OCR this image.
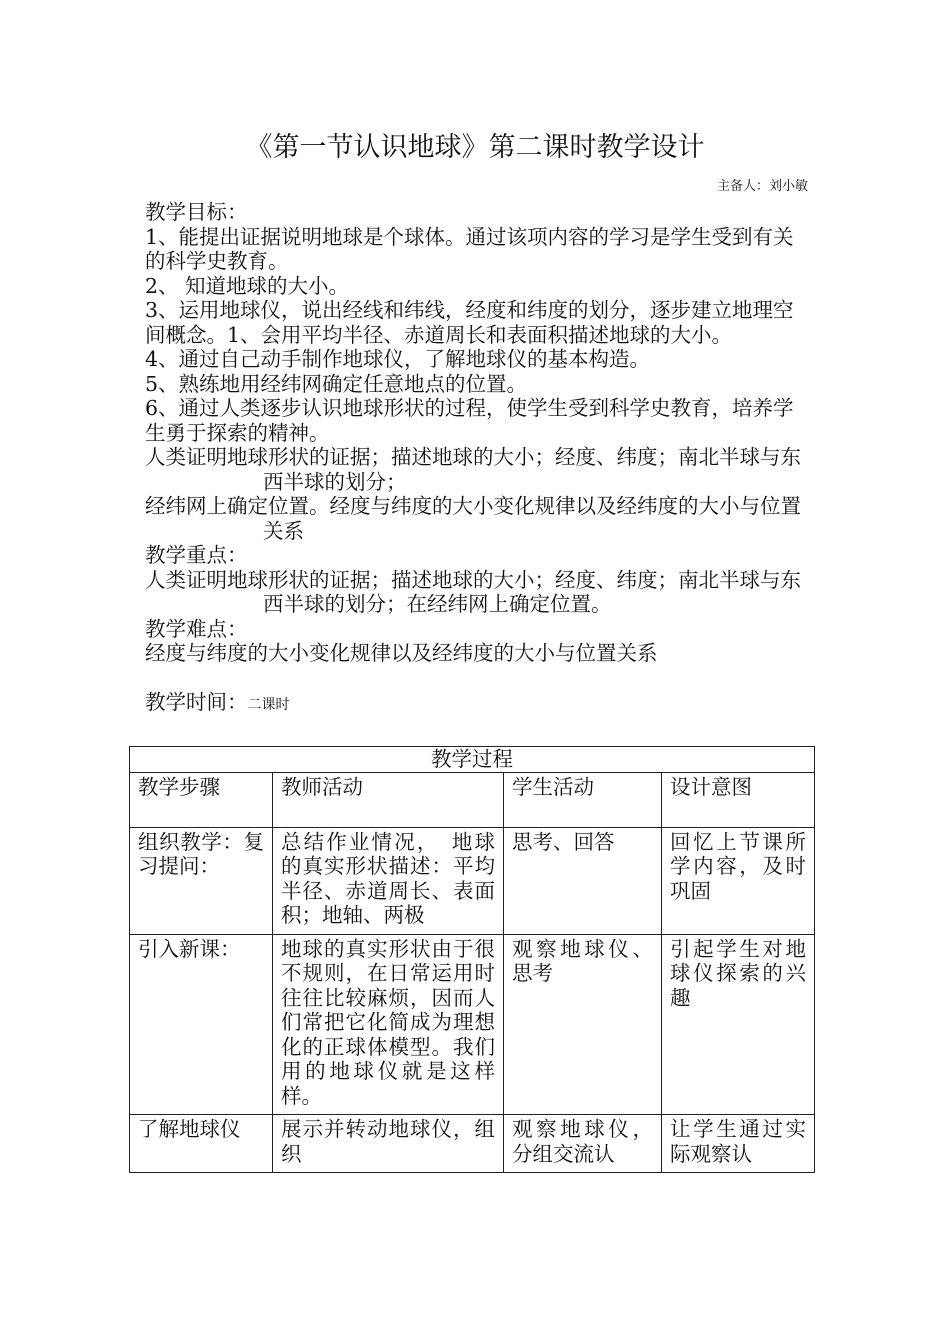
《第一节认识地球》第二课时教学设计
主备人：刘小敏

教学目标：

1、能提出证据说明地球是个球体。通过该项内容的学习是学生受到有关的科学史教育。

2、 知道地球的大小。

3、运用地球仪，说出经线和纬线，经度和纬度的划分，逐步建立地理空间概念。1、会用平均半径、赤道周长和表面积描述地球的大小。

4、通过自己动手制作地球仪，了解地球仪的基本构造。

5、熟练地用经纬网确定任意地点的位置。

6、通过人类逐步认识地球形状的过程，使学生受到科学史教育，培养学生勇于探索的精神。

人类证明地球形状的证据；描述地球的大小；经度、纬度；南北半球与东西半球的划分；

经纬网上确定位置。经度与纬度的大小变化规律以及经纬度的大小与位置关系

教学重点：

人类证明地球形状的证据；描述地球的大小；经度、纬度；南北半球与东西半球的划分；在经纬网上确定位置。

教学难点：

经度与纬度的大小变化规律以及经纬度的大小与位置关系

教学时间：二课时

教学过程			
教学步骤	教师活动	学生活动	设计意图
组织教学：复习提问：	总结作业情况，　地球的真实形状描述：平均半径、赤道周长、表面积；地轴、两极	思考、回答	回忆上节课所学内容，及时巩固
引入新课：	地球的真实形状由于很不规则，在日常运用时往往比较麻烦，因而人们常把它化简成为理想化的正球体模型。我们用的地球仪就是这样样。	观察地球仪、思考	引起学生对地球仪探索的兴趣
了解地球仪	展示并转动地球仪，组织	观察地球仪，分组交流认	让学生通过实际观察认
